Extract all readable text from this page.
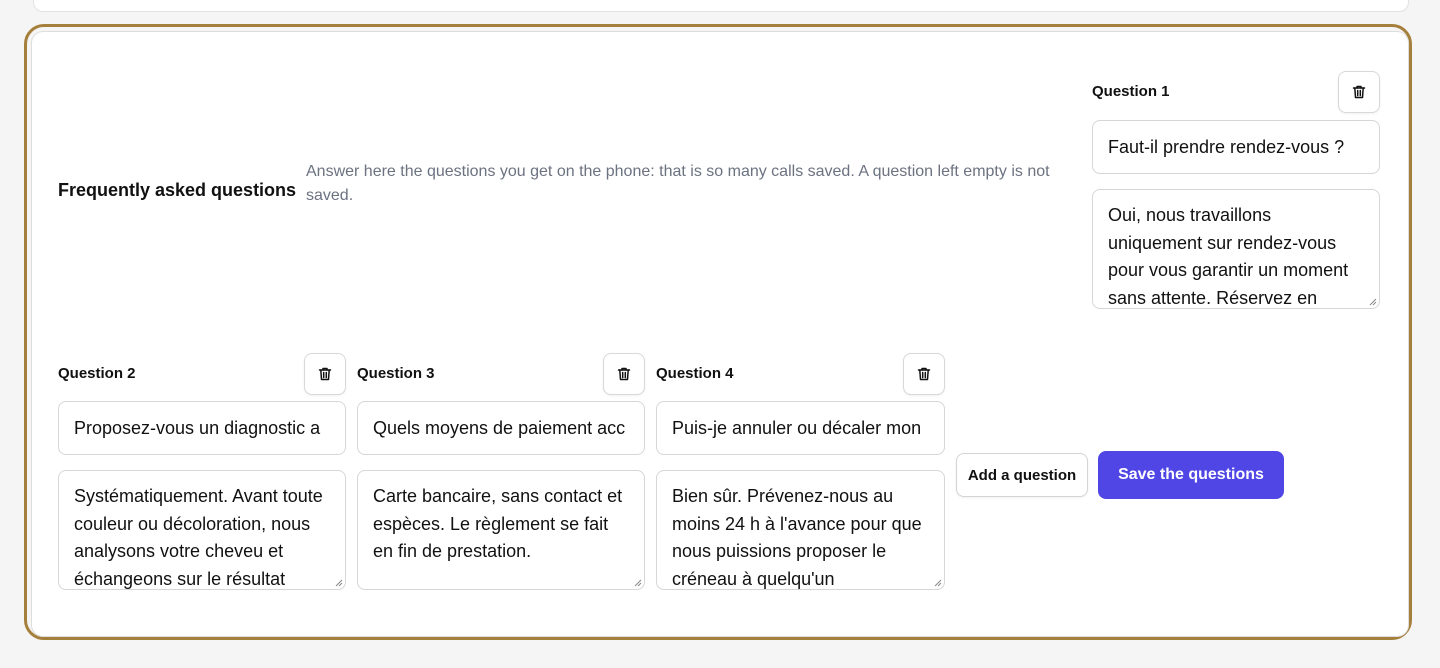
Frequently asked questions
Answer here the questions you get on the phone: that is so many calls saved. A question left empty is not saved.
Question 1
Faut-il prendre rendez-vous ?
Oui, nous travaillons uniquement sur rendez-vous pour vous garantir un moment sans attente. Réservez en
Question 2
Proposez-vous un diagnostic a
Systématiquement. Avant toute couleur ou décoloration, nous analysons votre cheveu et échangeons sur le résultat
Question 3
Quels moyens de paiement acc
Carte bancaire, sans contact et espèces. Le règlement se fait en fin de prestation.
Question 4
Puis-je annuler ou décaler mon
Bien sûr. Prévenez-nous au moins 24 h à l'avance pour que nous puissions proposer le créneau à quelqu'un
Add a question	Save the questions
